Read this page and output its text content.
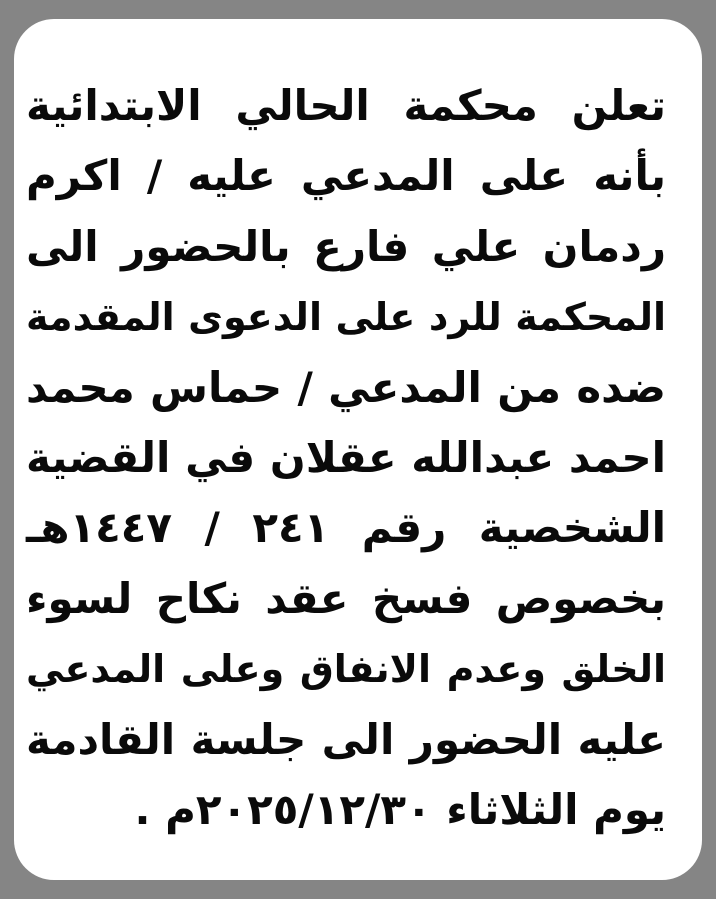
تعلن محكمة الحالي الابتدائية
بأنه على المدعي عليه / اكرم
ردمان علي فارع بالحضور الى
المحكمة للرد على الدعوى المقدمة
ضده من المدعي / حماس محمد
احمد عبدالله عقلان في القضية
الشخصية رقم ٢٤١ / ١٤٤٧هـ
بخصوص فسخ عقد نكاح لسوء
الخلق وعدم الانفاق وعلى المدعي
عليه الحضور الى جلسة القادمة
يوم الثلاثاء ٢٠٢٥/١٢/٣٠م .
